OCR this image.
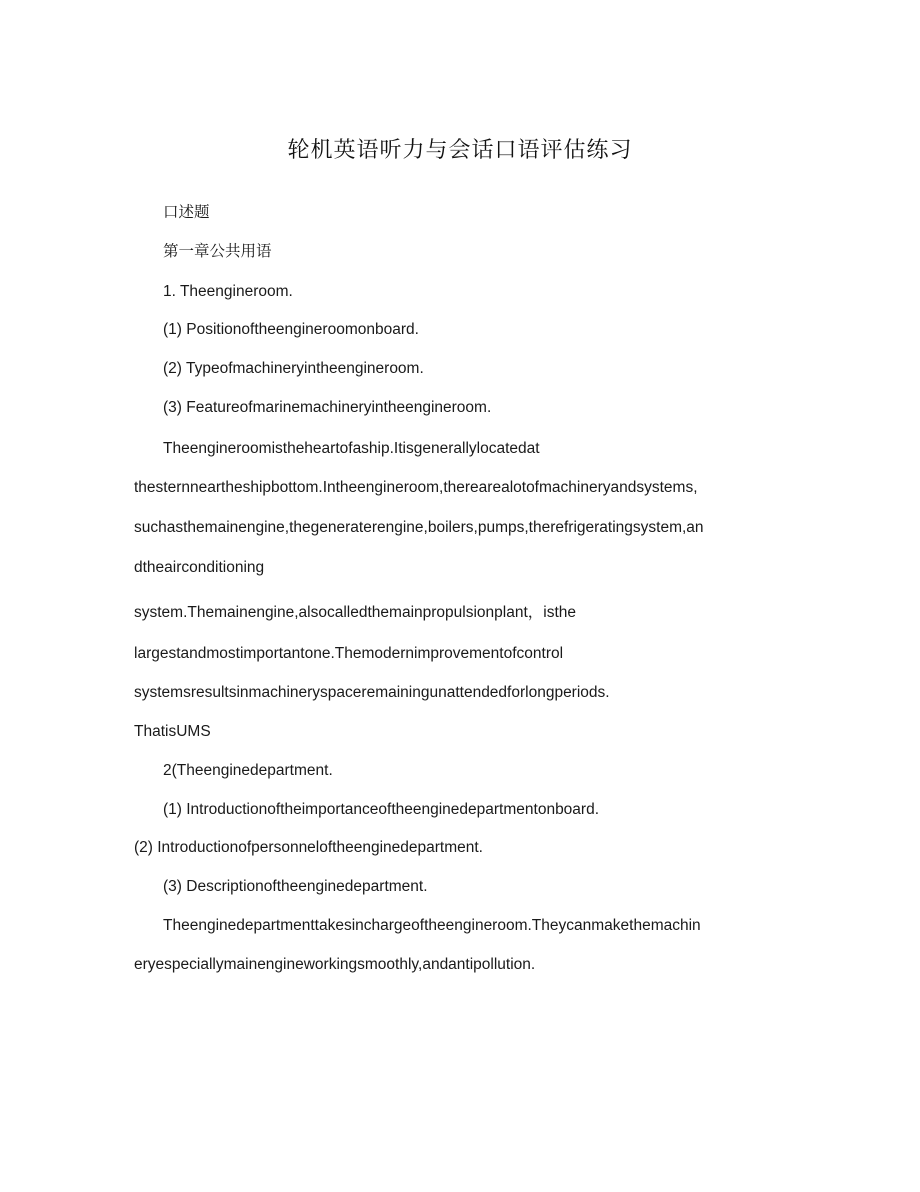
轮机英语听力与会话口语评估练习
口述题
第一章公共用语
1. Theengineroom.
(1) Positionoftheengineroomonboard.
(2) Typeofmachineryintheengineroom.
(3) Featureofmarinemachineryintheengineroom.
Theengineroomistheheartofaship.Itisgenerallylocatedat
thesternneartheshipbottom.Intheengineroom,therearealotofmachineryandsystems,
suchasthemainengine,thegeneraterengine,boilers,pumps,therefrigeratingsystem,an
dtheairconditioning
system.Themainengine,alsocalledthemainpropulsionplant，isthe
largestandmostimportantone.Themodernimprovementofcontrol
systemsresultsinmachineryspaceremainingunattendedforlongperiods.
ThatisUMS
2(Theenginedepartment.
(1) Introductionoftheimportanceoftheenginedepartmentonboard.
(2) Introductionofpersonneloftheenginedepartment.
(3) Descriptionoftheenginedepartment.
Theenginedepartmenttakesinchargeoftheengineroom.Theycanmakethemachin
eryespeciallymainengineworkingsmoothly,andantipollution.
